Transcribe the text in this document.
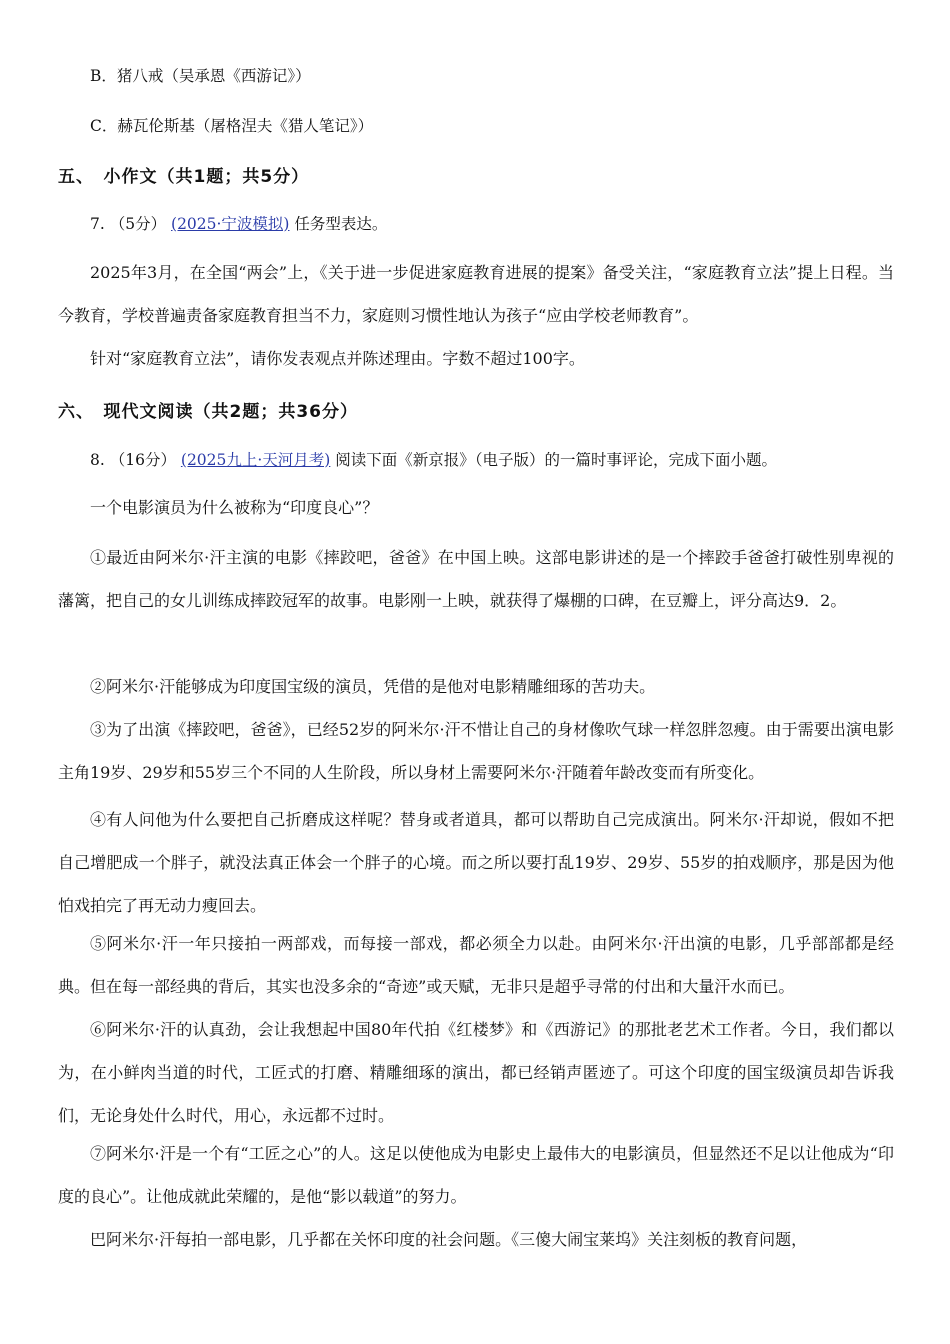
B．猪八戒（吴承恩《西游记》）

C．赫瓦伦斯基（屠格涅夫《猎人笔记》）

五、　小作文（共1题；共5分）

7. （5分） (2025·宁波模拟) 任务型表达。

2025年3月，在全国“两会”上，《关于进一步促进家庭教育进展的提案》备受关注，“家庭教育立法”提上日程。当今教育，学校普遍责备家庭教育担当不力，家庭则习惯性地认为孩子“应由学校老师教育”。

针对“家庭教育立法”，请你发表观点并陈述理由。字数不超过100字。

六、　现代文阅读（共2题；共36分）

8. （16分） (2025九上·天河月考) 阅读下面《新京报》（电子版）的一篇时事评论，完成下面小题。

一个电影演员为什么被称为“印度良心”？

①最近由阿米尔·汗主演的电影《摔跤吧，爸爸》在中国上映。这部电影讲述的是一个摔跤手爸爸打破性别卑视的藩篱，把自己的女儿训练成摔跤冠军的故事。电影刚一上映，就获得了爆棚的口碑，在豆瓣上，评分高达9．2。

②阿米尔·汗能够成为印度国宝级的演员，凭借的是他对电影精雕细琢的苦功夫。

③为了出演《摔跤吧，爸爸》，已经52岁的阿米尔·汗不惜让自己的身材像吹气球一样忽胖忽瘦。由于需要出演电影主角19岁、29岁和55岁三个不同的人生阶段，所以身材上需要阿米尔·汗随着年龄改变而有所变化。

④有人问他为什么要把自己折磨成这样呢？替身或者道具，都可以帮助自己完成演出。阿米尔·汗却说，假如不把自己增肥成一个胖子，就没法真正体会一个胖子的心境。而之所以要打乱19岁、29岁、55岁的拍戏顺序，那是因为他怕戏拍完了再无动力瘦回去。

⑤阿米尔·汗一年只接拍一两部戏，而每接一部戏，都必须全力以赴。由阿米尔·汗出演的电影，几乎部部都是经典。但在每一部经典的背后，其实也没多余的“奇迹”或天赋，无非只是超乎寻常的付出和大量汗水而已。

⑥阿米尔·汗的认真劲，会让我想起中国80年代拍《红楼梦》和《西游记》的那批老艺术工作者。今日，我们都以为，在小鲜肉当道的时代，工匠式的打磨、精雕细琢的演出，都已经销声匿迹了。可这个印度的国宝级演员却告诉我们，无论身处什么时代，用心，永远都不过时。

⑦阿米尔·汗是一个有“工匠之心”的人。这足以使他成为电影史上最伟大的电影演员，但显然还不足以让他成为“印度的良心”。让他成就此荣耀的，是他“影以载道”的努力。

巴阿米尔·汗每拍一部电影，几乎都在关怀印度的社会问题。《三傻大闹宝莱坞》关注刻板的教育问题，
